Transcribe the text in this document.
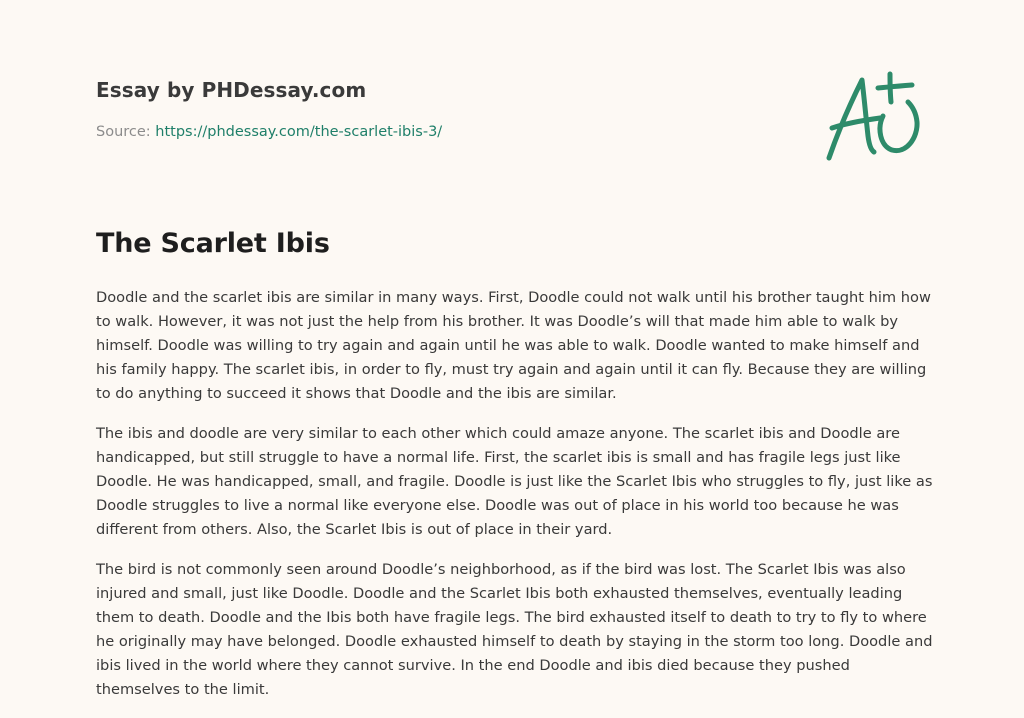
Essay by PHDessay.com
Source: https://phdessay.com/the-scarlet-ibis-3/
The Scarlet Ibis

Doodle and the scarlet ibis are similar in many ways. First, Doodle could not walk until his brother taught him how to walk. However, it was not just the help from his brother. It was Doodle’s will that made him able to walk by himself. Doodle was willing to try again and again until he was able to walk. Doodle wanted to make himself and his family happy. The scarlet ibis, in order to fly, must try again and again until it can fly. Because they are willing to do anything to succeed it shows that Doodle and the ibis are similar.

The ibis and doodle are very similar to each other which could amaze anyone. The scarlet ibis and Doodle are handicapped, but still struggle to have a normal life. First, the scarlet ibis is small and has fragile legs just like Doodle. He was handicapped, small, and fragile. Doodle is just like the Scarlet Ibis who struggles to fly, just like as Doodle struggles to live a normal like everyone else. Doodle was out of place in his world too because he was different from others. Also, the Scarlet Ibis is out of place in their yard.

The bird is not commonly seen around Doodle’s neighborhood, as if the bird was lost. The Scarlet Ibis was also injured and small, just like Doodle. Doodle and the Scarlet Ibis both exhausted themselves, eventually leading them to death. Doodle and the Ibis both have fragile legs. The bird exhausted itself to death to try to fly to where he originally may have belonged. Doodle exhausted himself to death by staying in the storm too long. Doodle and ibis lived in the world where they cannot survive. In the end Doodle and ibis died because they pushed themselves to the limit.
